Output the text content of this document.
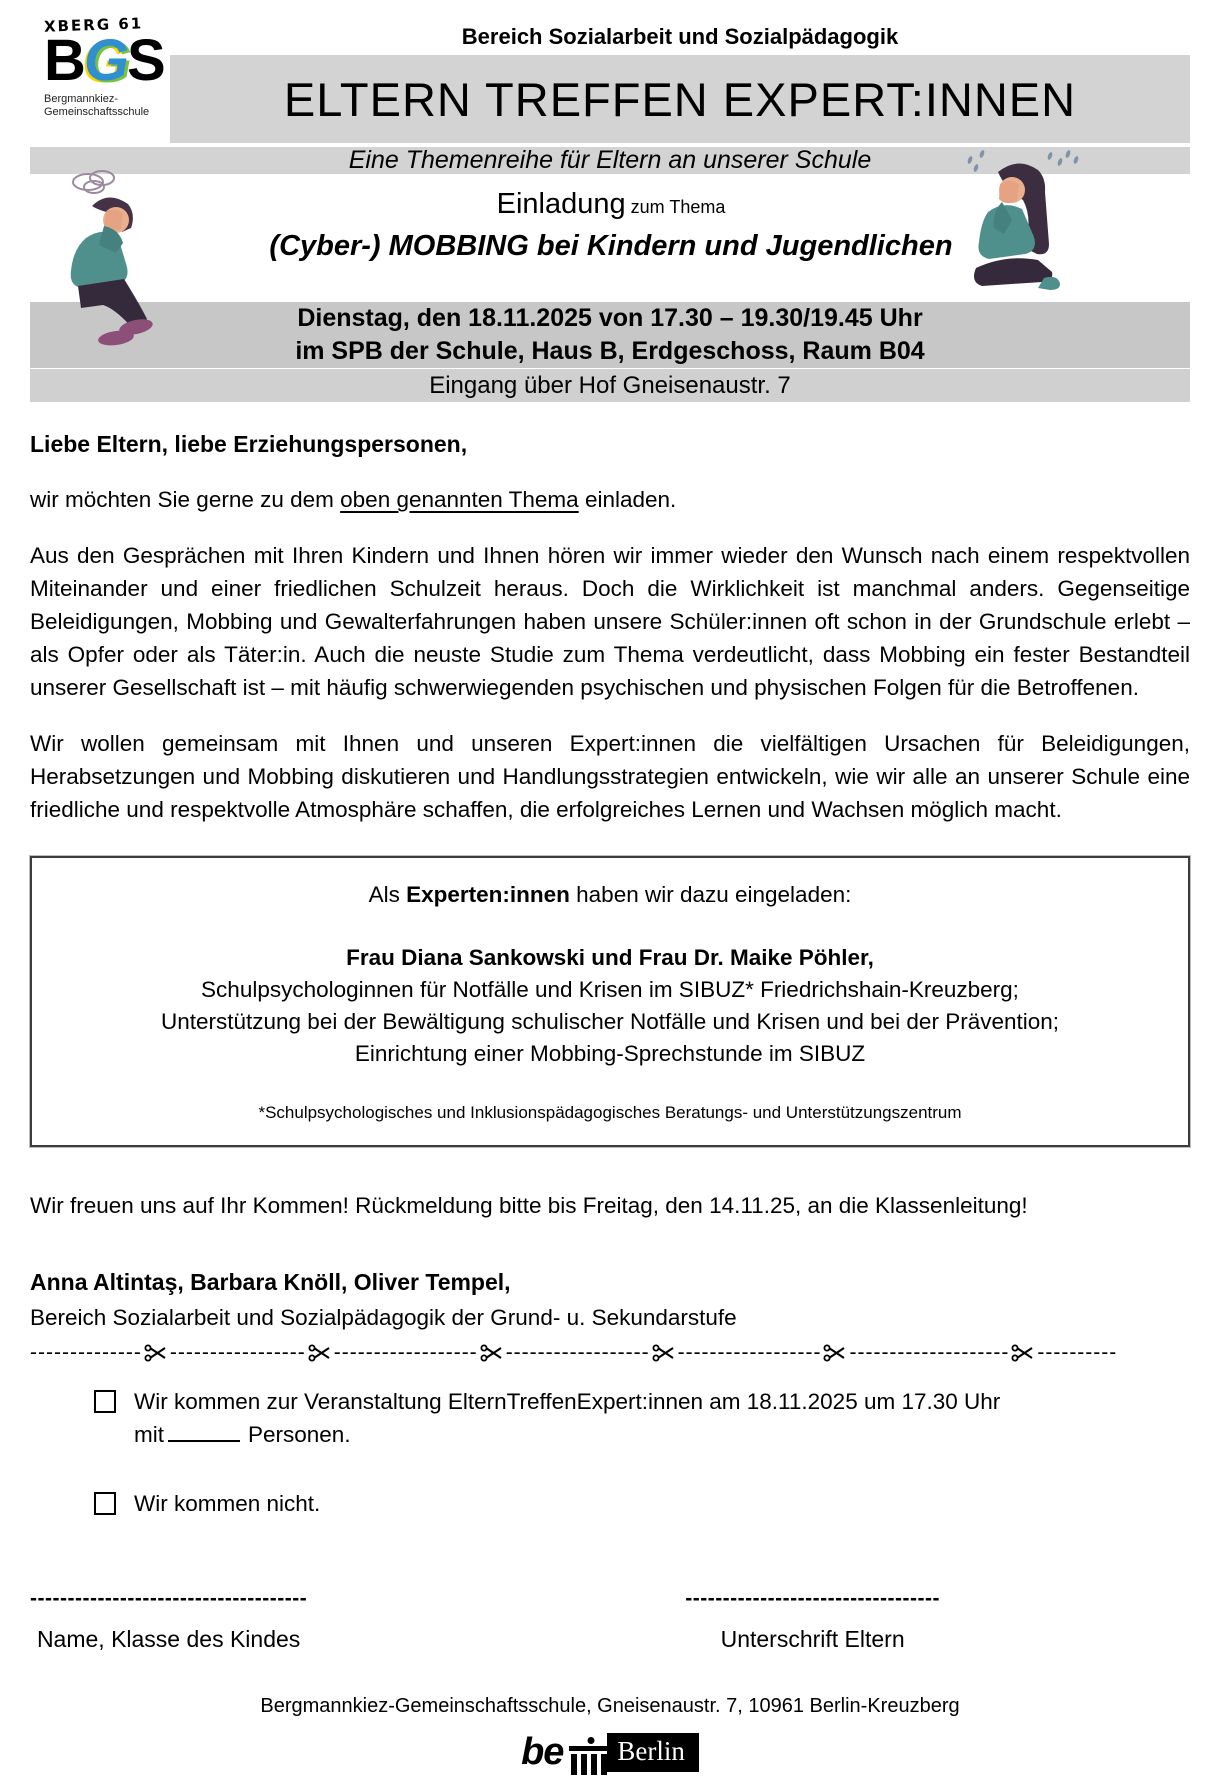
XBERG 61
BGS
Bergmannkiez-
Gemeinschaftsschule
Bereich Sozialarbeit und Sozialpädagogik
ELTERN TREFFEN EXPERT:INNEN
Eine Themenreihe für Eltern an unserer Schule
Einladung zum Thema
(Cyber-) MOBBING bei Kindern und Jugendlichen
Dienstag, den 18.11.2025 von 17.30 – 19.30/19.45 Uhr
im SPB der Schule, Haus B, Erdgeschoss, Raum B04
Eingang über Hof Gneisenaustr. 7
Liebe Eltern, liebe Erziehungspersonen,
wir möchten Sie gerne zu dem oben genannten Thema einladen.
Aus den Gesprächen mit Ihren Kindern und Ihnen hören wir immer wieder den Wunsch nach einem respektvollen Miteinander und einer friedlichen Schulzeit heraus. Doch die Wirklichkeit ist manchmal anders. Gegenseitige Beleidigungen, Mobbing und Gewalterfahrungen haben unsere Schüler:innen oft schon in der Grundschule erlebt – als Opfer oder als Täter:in. Auch die neuste Studie zum Thema verdeutlicht, dass Mobbing ein fester Bestandteil unserer Gesellschaft ist – mit häufig schwerwiegenden psychischen und physischen Folgen für die Betroffenen.
Wir wollen gemeinsam mit Ihnen und unseren Expert:innen die vielfältigen Ursachen für Beleidigungen, Herabsetzungen und Mobbing diskutieren und Handlungsstrategien entwickeln, wie wir alle an unserer Schule eine friedliche und respektvolle Atmosphäre schaffen, die erfolgreiches Lernen und Wachsen möglich macht.
Als Experten:innen haben wir dazu eingeladen:
Frau Diana Sankowski und Frau Dr. Maike Pöhler,
Schulpsychologinnen für Notfälle und Krisen im SIBUZ* Friedrichshain-Kreuzberg;
Unterstützung bei der Bewältigung schulischer Notfälle und Krisen und bei der Prävention;
Einrichtung einer Mobbing-Sprechstunde im SIBUZ
*Schulpsychologisches und Inklusionspädagogisches Beratungs- und Unterstützungszentrum
Wir freuen uns auf Ihr Kommen! Rückmeldung bitte bis Freitag, den 14.11.25, an die Klassenleitung!
Anna Altintaş, Barbara Knöll, Oliver Tempel,
Bereich Sozialarbeit und Sozialpädagogik der Grund- u. Sekundarstufe
-------------- ----------------- ------------------ ------------------ ------------------ -------------------- ----------
Wir kommen zur Veranstaltung ElternTreffenExpert:innen am 18.11.2025 um 17.30 Uhr
mit	Personen.
Wir kommen nicht.
-------------------------------------
Name, Klasse des Kindes
----------------------------------
Unterschrift Eltern
Bergmannkiez-Gemeinschaftsschule, Gneisenaustr. 7, 10961 Berlin-Kreuzberg
be	Berlin
